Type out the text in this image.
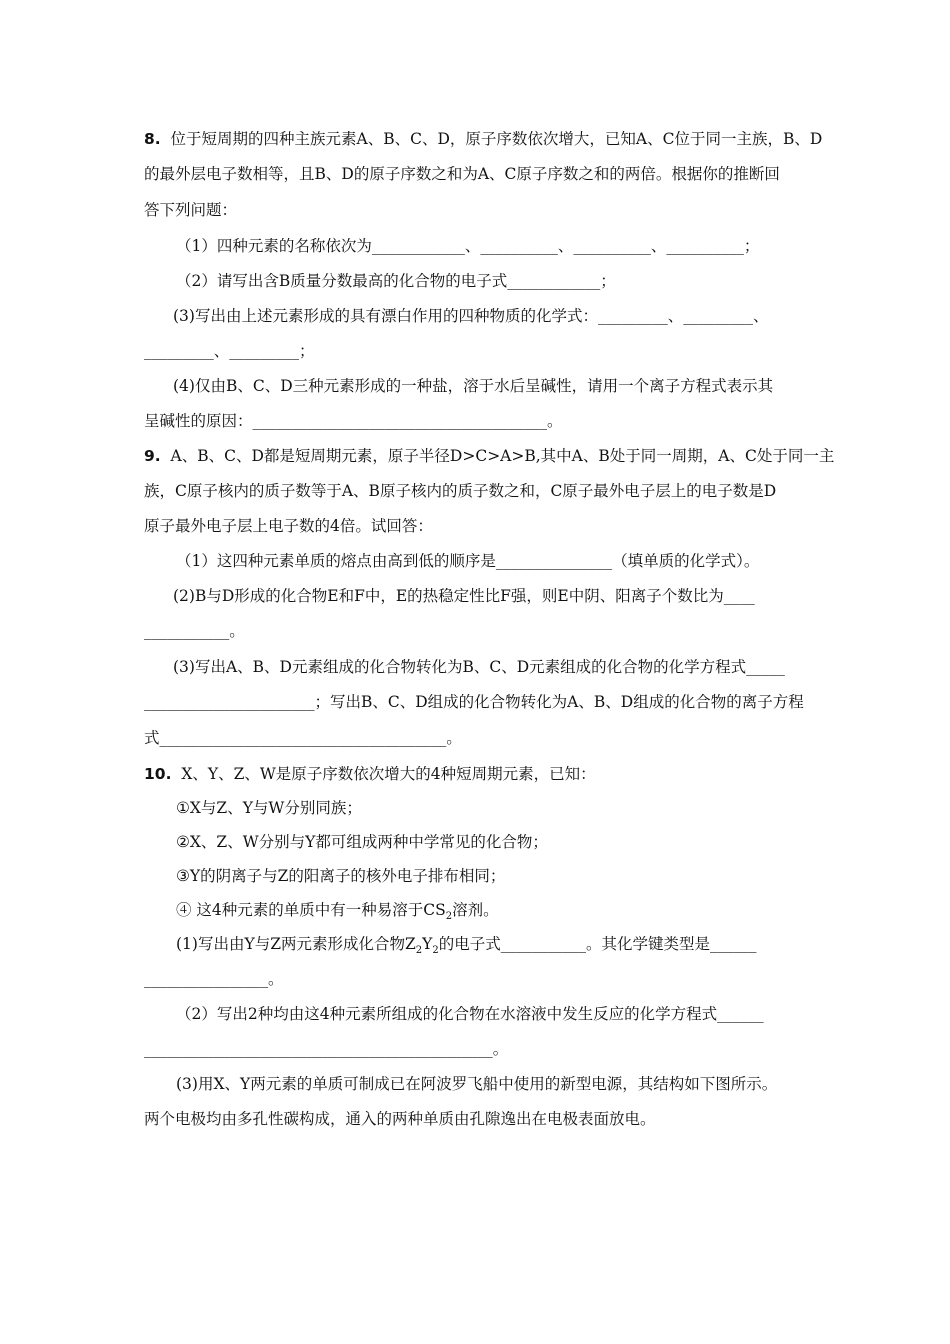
8. 位于短周期的四种主族元素A、B、C、D，原子序数依次增大，已知A、C位于同一主族，B、D
的最外层电子数相等，且B、D的原子序数之和为A、C原子序数之和的两倍。根据你的推断回
答下列问题：
（1）四种元素的名称依次为____________、__________、__________、__________；
（2）请写出含B质量分数最高的化合物的电子式____________；
(3)写出由上述元素形成的具有漂白作用的四种物质的化学式：_________、_________、
_________、_________；
(4)仅由B、C、D三种元素形成的一种盐，溶于水后呈碱性，请用一个离子方程式表示其
呈碱性的原因：______________________________________。
9. A、B、C、D都是短周期元素，原子半径D>C>A>B,其中A、B处于同一周期，A、C处于同一主
族，C原子核内的质子数等于A、B原子核内的质子数之和，C原子最外电子层上的电子数是D
原子最外电子层上电子数的4倍。试回答：
（1）这四种元素单质的熔点由高到低的顺序是_______________（填单质的化学式）。
(2)B与D形成的化合物E和F中，E的热稳定性比F强，则E中阴、阳离子个数比为____
___________。
(3)写出A、B、D元素组成的化合物转化为B、C、D元素组成的化合物的化学方程式_____
______________________；写出B、C、D组成的化合物转化为A、B、D组成的化合物的离子方程
式_____________________________________。
10. X、Y、Z、W是原子序数依次增大的4种短周期元素，已知：
①X与Z、Y与W分别同族；
②X、Z、W分别与Y都可组成两种中学常见的化合物；
③Y的阴离子与Z的阳离子的核外电子排布相同；
④ 这4种元素的单质中有一种易溶于$CS_2$溶剂。
(1)写出由Y与Z两元素形成化合物$Z_2Y_2$的电子式___________。其化学键类型是______
________________。
（2）写出2种均由这4种元素所组成的化合物在水溶液中发生反应的化学方程式______
_____________________________________________。
(3)用X、Y两元素的单质可制成已在阿波罗飞船中使用的新型电源，其结构如下图所示。
两个电极均由多孔性碳构成，通入的两种单质由孔隙逸出在电极表面放电。
